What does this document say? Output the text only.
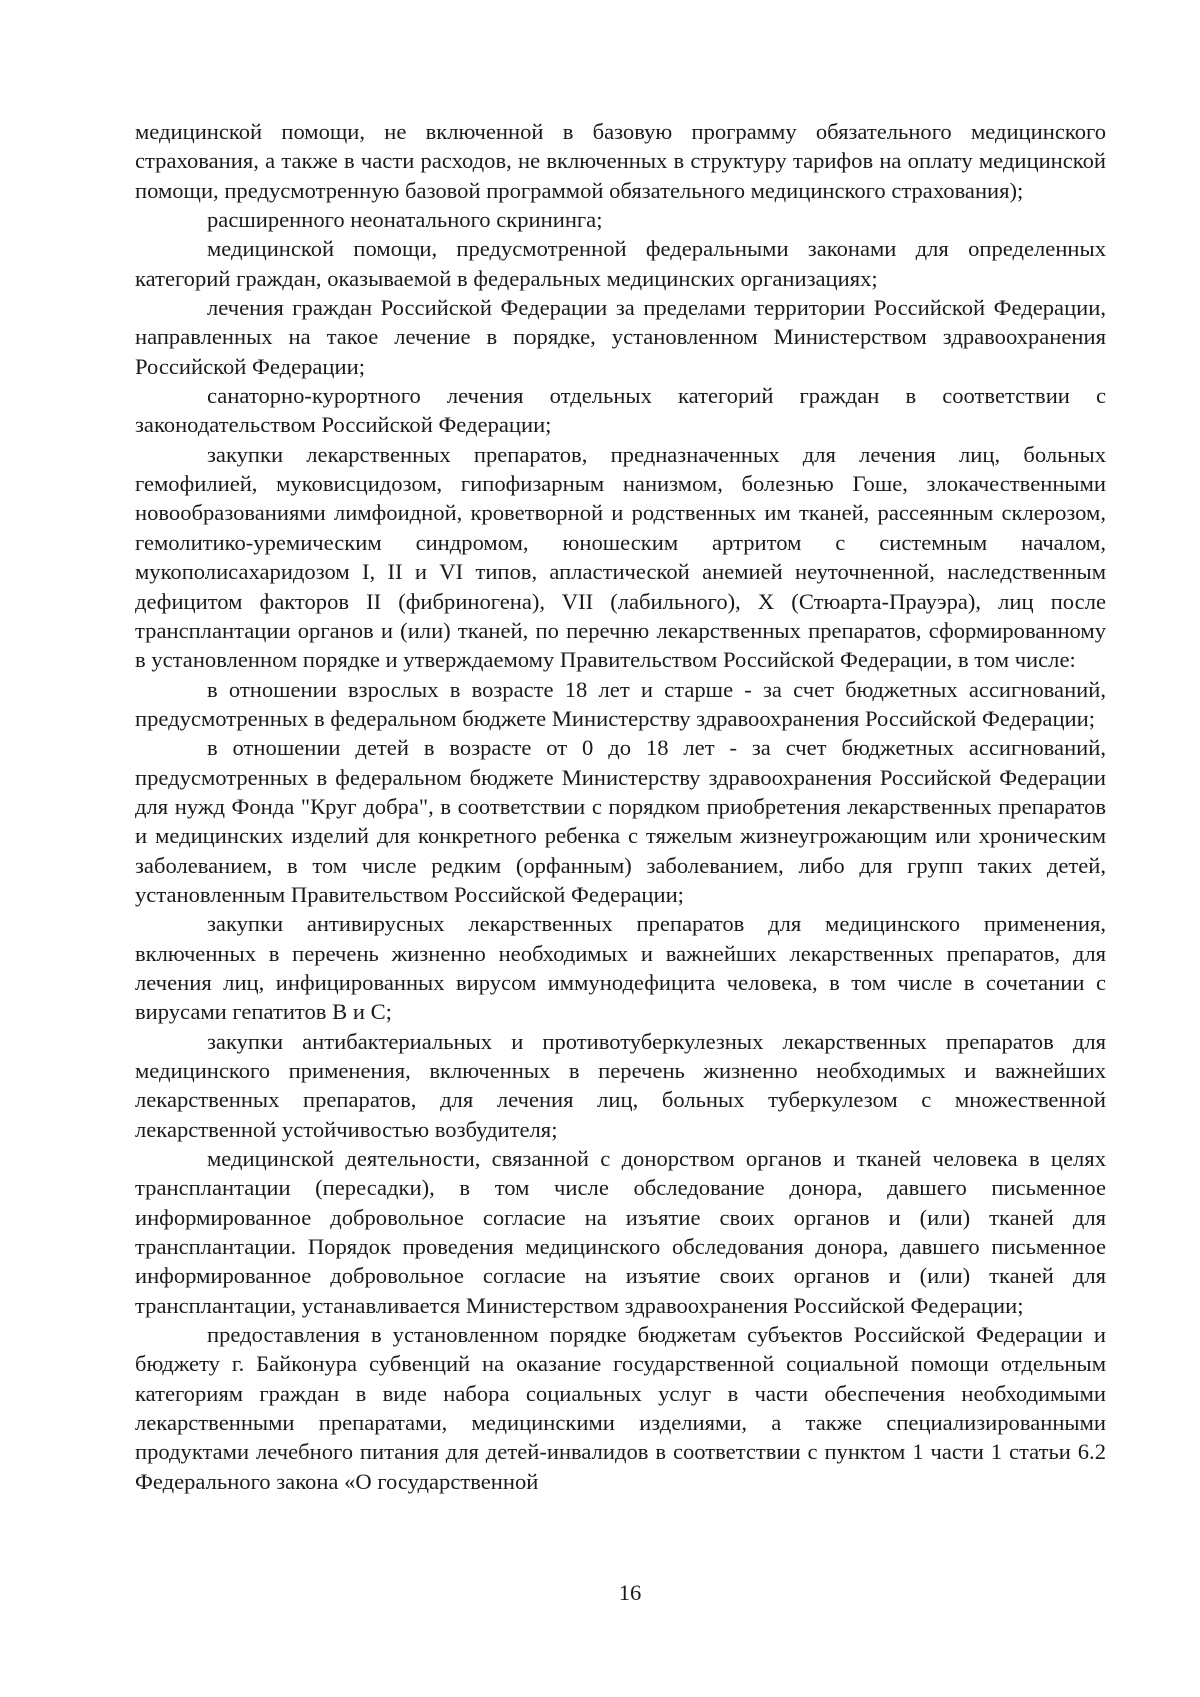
медицинской помощи, не включенной в базовую программу обязательного медицинского страхования, а также в части расходов, не включенных в структуру тарифов на оплату медицинской помощи, предусмотренную базовой программой обязательного медицинского страхования);

расширенного неонатального скрининга;

медицинской помощи, предусмотренной федеральными законами для определенных категорий граждан, оказываемой в федеральных медицинских организациях;

лечения граждан Российской Федерации за пределами территории Российской Федерации, направленных на такое лечение в порядке, установленном Министерством здравоохранения Российской Федерации;

санаторно-курортного лечения отдельных категорий граждан в соответствии с законодательством Российской Федерации;

закупки лекарственных препаратов, предназначенных для лечения лиц, больных гемофилией, муковисцидозом, гипофизарным нанизмом, болезнью Гоше, злокачественными новообразованиями лимфоидной, кроветворной и родственных им тканей, рассеянным склерозом, гемолитико-уремическим синдромом, юношеским артритом с системным началом, мукополисахаридозом I, II и VI типов, апластической анемией неуточненной, наследственным дефицитом факторов II (фибриногена), VII (лабильного), X (Стюарта-Прауэра), лиц после трансплантации органов и (или) тканей, по перечню лекарственных препаратов, сформированному в установленном порядке и утверждаемому Правительством Российской Федерации, в том числе:

в отношении взрослых в возрасте 18 лет и старше - за счет бюджетных ассигнований, предусмотренных в федеральном бюджете Министерству здравоохранения Российской Федерации;

в отношении детей в возрасте от 0 до 18 лет - за счет бюджетных ассигнований, предусмотренных в федеральном бюджете Министерству здравоохранения Российской Федерации для нужд Фонда "Круг добра", в соответствии с порядком приобретения лекарственных препаратов и медицинских изделий для конкретного ребенка с тяжелым жизнеугрожающим или хроническим заболеванием, в том числе редким (орфанным) заболеванием, либо для групп таких детей, установленным Правительством Российской Федерации;

закупки антивирусных лекарственных препаратов для медицинского применения, включенных в перечень жизненно необходимых и важнейших лекарственных препаратов, для лечения лиц, инфицированных вирусом иммунодефицита человека, в том числе в сочетании с вирусами гепатитов B и C;

закупки антибактериальных и противотуберкулезных лекарственных препаратов для медицинского применения, включенных в перечень жизненно необходимых и важнейших лекарственных препаратов, для лечения лиц, больных туберкулезом с множественной лекарственной устойчивостью возбудителя;

медицинской деятельности, связанной с донорством органов и тканей человека в целях трансплантации (пересадки), в том числе обследование донора, давшего письменное информированное добровольное согласие на изъятие своих органов и (или) тканей для трансплантации. Порядок проведения медицинского обследования донора, давшего письменное информированное добровольное согласие на изъятие своих органов и (или) тканей для трансплантации, устанавливается Министерством здравоохранения Российской Федерации;

предоставления в установленном порядке бюджетам субъектов Российской Федерации и бюджету г. Байконура субвенций на оказание государственной социальной помощи отдельным категориям граждан в виде набора социальных услуг в части обеспечения необходимыми лекарственными препаратами, медицинскими изделиями, а также специализированными продуктами лечебного питания для детей-инвалидов в соответствии с пунктом 1 части 1 статьи 6.2 Федерального закона «О государственной

16
